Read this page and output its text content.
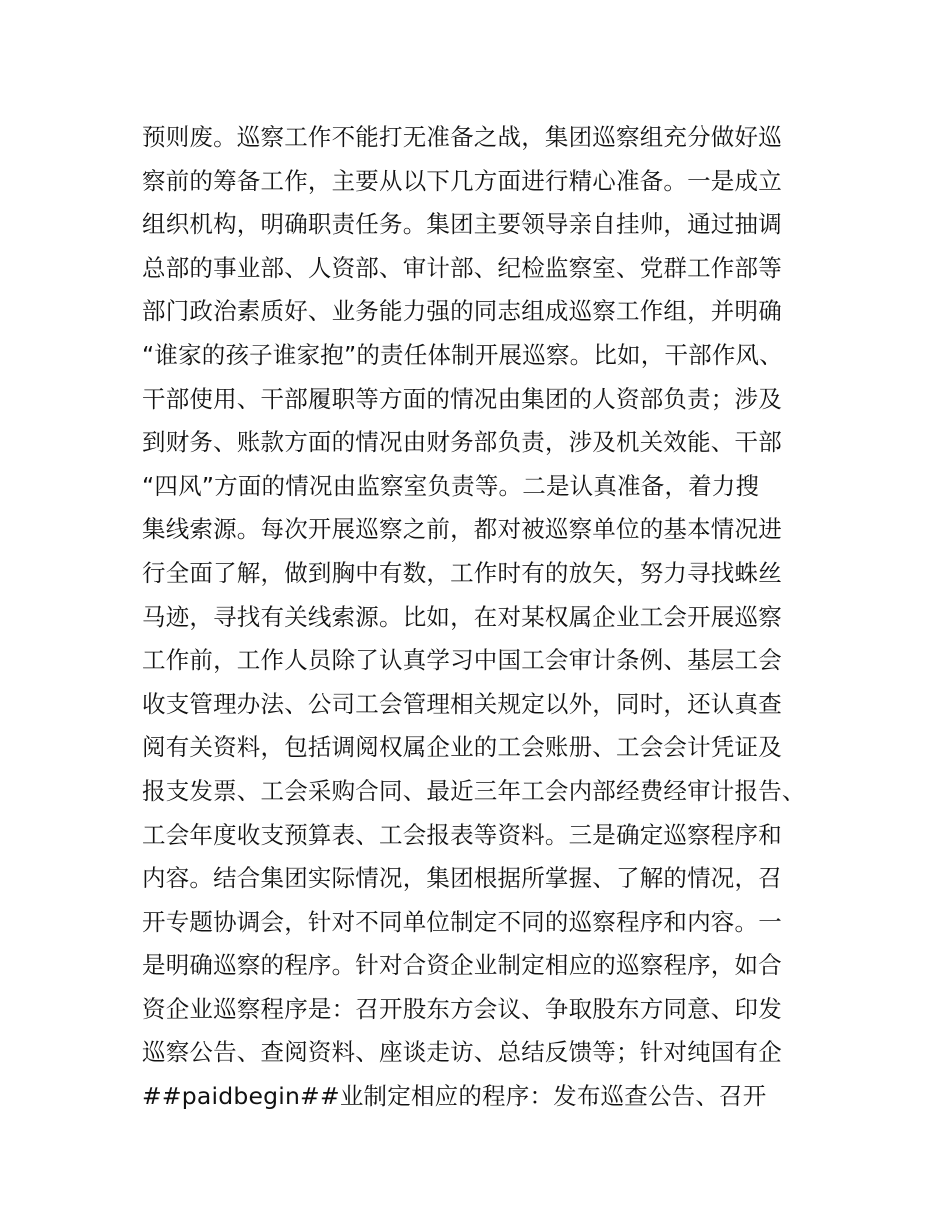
预则废。巡察工作不能打无准备之战，集团巡察组充分做好巡
察前的筹备工作，主要从以下几方面进行精心准备。一是成立
组织机构，明确职责任务。集团主要领导亲自挂帅，通过抽调
总部的事业部、人资部、审计部、纪检监察室、党群工作部等
部门政治素质好、业务能力强的同志组成巡察工作组，并明确
“谁家的孩子谁家抱”的责任体制开展巡察。比如，干部作风、
干部使用、干部履职等方面的情况由集团的人资部负责；涉及
到财务、账款方面的情况由财务部负责，涉及机关效能、干部
“四风”方面的情况由监察室负责等。二是认真准备，着力搜
集线索源。每次开展巡察之前，都对被巡察单位的基本情况进
行全面了解，做到胸中有数，工作时有的放矢，努力寻找蛛丝
马迹，寻找有关线索源。比如，在对某权属企业工会开展巡察
工作前，工作人员除了认真学习中国工会审计条例、基层工会
收支管理办法、公司工会管理相关规定以外，同时，还认真查
阅有关资料，包括调阅权属企业的工会账册、工会会计凭证及
报支发票、工会采购合同、最近三年工会内部经费经审计报告、
工会年度收支预算表、工会报表等资料。三是确定巡察程序和
内容。结合集团实际情况，集团根据所掌握、了解的情况，召
开专题协调会，针对不同单位制定不同的巡察程序和内容。一
是明确巡察的程序。针对合资企业制定相应的巡察程序，如合
资企业巡察程序是：召开股东方会议、争取股东方同意、印发
巡察公告、查阅资料、座谈走访、总结反馈等；针对纯国有企
##paidbegin##业制定相应的程序：发布巡查公告、召开
